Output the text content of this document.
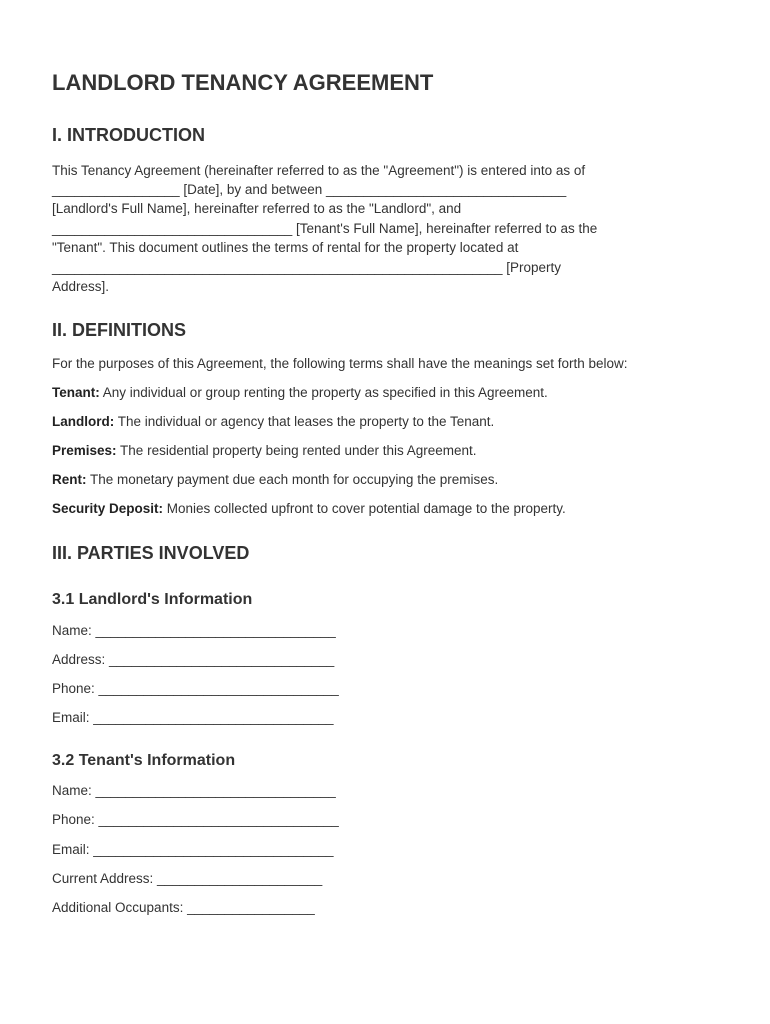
LANDLORD TENANCY AGREEMENT
I. INTRODUCTION
This Tenancy Agreement (hereinafter referred to as the "Agreement") is entered into as of
_________________ [Date], by and between ________________________________
[Landlord's Full Name], hereinafter referred to as the "Landlord", and
________________________________ [Tenant's Full Name], hereinafter referred to as the
"Tenant". This document outlines the terms of rental for the property located at
____________________________________________________________ [Property
Address].
II. DEFINITIONS
For the purposes of this Agreement, the following terms shall have the meanings set forth below:
Tenant: Any individual or group renting the property as specified in this Agreement.
Landlord: The individual or agency that leases the property to the Tenant.
Premises: The residential property being rented under this Agreement.
Rent: The monetary payment due each month for occupying the premises.
Security Deposit: Monies collected upfront to cover potential damage to the property.
III. PARTIES INVOLVED
3.1 Landlord's Information
Name: ________________________________
Address: ______________________________
Phone: ________________________________
Email: ________________________________
3.2 Tenant's Information
Name: ________________________________
Phone: ________________________________
Email: ________________________________
Current Address: ______________________
Additional Occupants: _________________
